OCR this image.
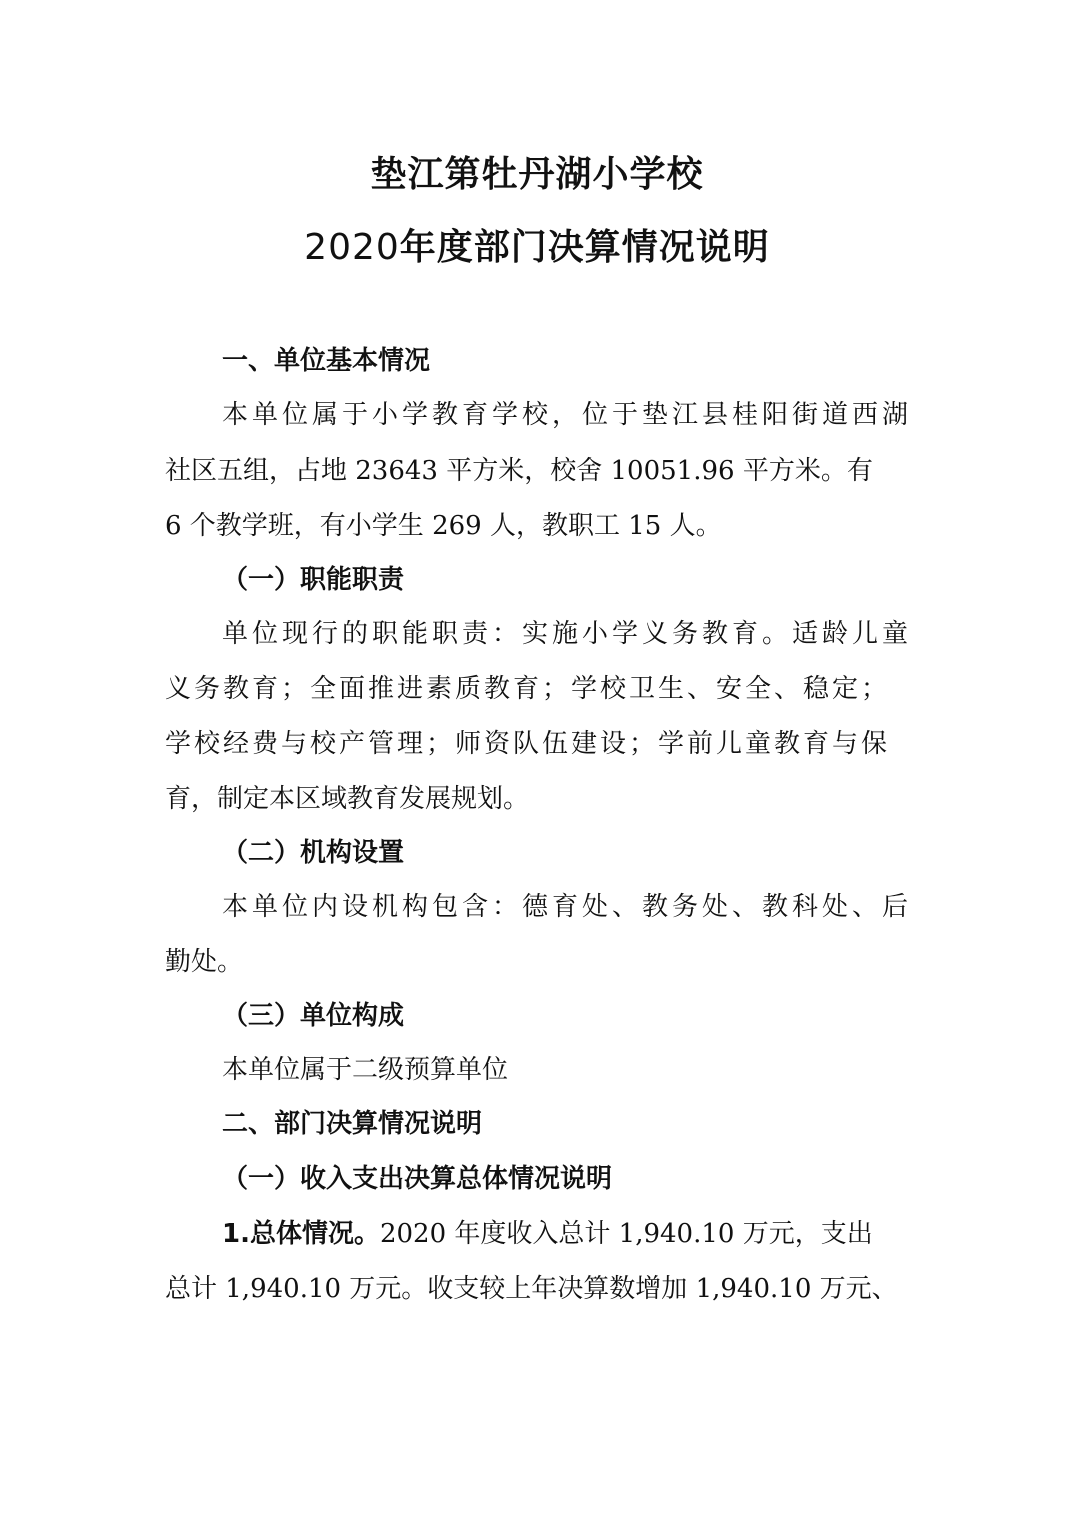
垫江第牡丹湖小学校
2020年度部门决算情况说明

一、单位基本情况

本单位属于小学教育学校，位于垫江县桂阳街道西湖

社区五组，占地 23643 平方米，校舍 10051.96 平方米。有

6 个教学班，有小学生 269 人，教职工 15 人。

（一）职能职责

单位现行的职能职责：实施小学义务教育。适龄儿童

义务教育；全面推进素质教育；学校卫生、安全、稳定；

学校经费与校产管理；师资队伍建设；学前儿童教育与保

育，制定本区域教育发展规划。

（二）机构设置

本单位内设机构包含：德育处、教务处、教科处、后

勤处。

（三）单位构成

本单位属于二级预算单位

二、部门决算情况说明

（一）收入支出决算总体情况说明

1.总体情况。2020 年度收入总计 1,940.10 万元，支出

总计 1,940.10 万元。收支较上年决算数增加 1,940.10 万元、
